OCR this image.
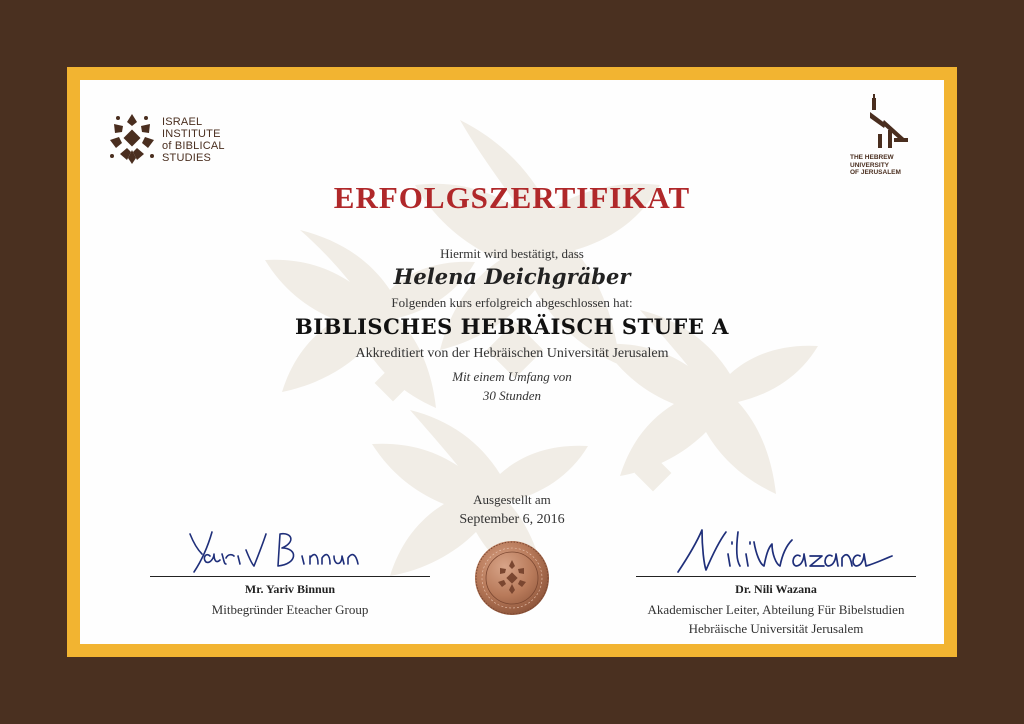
ISRAEL
INSTITUTE
of BIBLICAL
STUDIES	THE HEBREW
UNIVERSITY
OF JERUSALEM
ERFOLGSZERTIFIKAT
Hiermit wird bestätigt, dass
Helena Deichgräber
Folgenden kurs erfolgreich abgeschlossen hat:
BIBLISCHES HEBRÄISCH STUFE A
Akkreditiert von der Hebräischen Universität Jerusalem
Mit einem Umfang von
30 Stunden
Ausgestellt am
September 6, 2016
Mr. Yariv Binnun
Mitbegründer Eteacher Group
Dr. Nili Wazana
Akademischer Leiter, Abteilung Für Bibelstudien
Hebräische Universität Jerusalem
